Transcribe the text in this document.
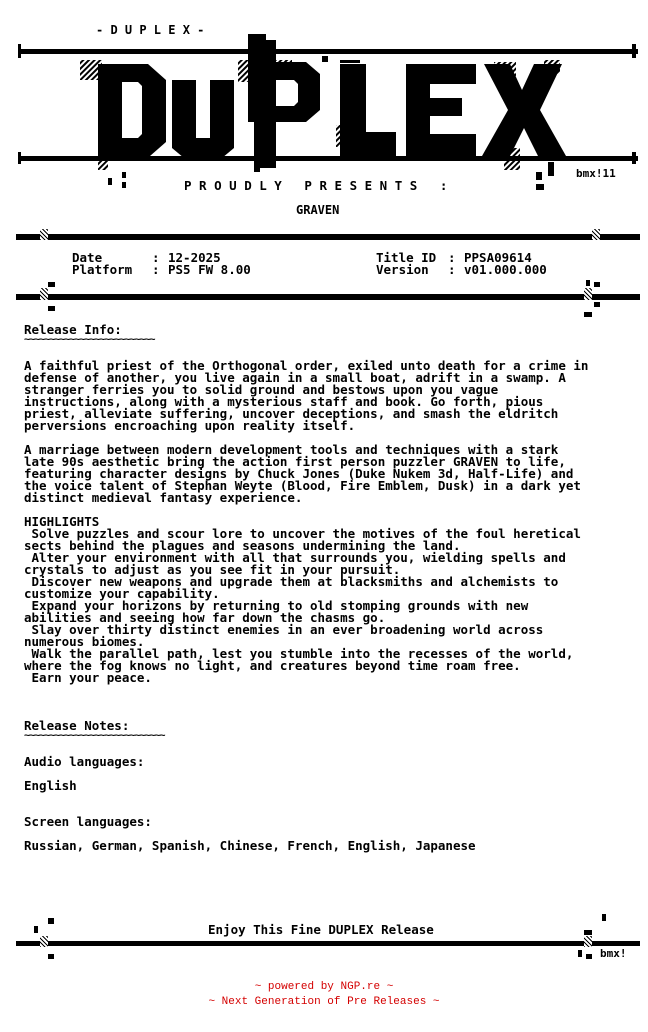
- D U P L E X -
bmx!11
P R O U D L Y   P R E S E N T S   :
GRAVEN
Date	: 12-2025
Platform : PS5 FW 8.00
Title ID : PPSA09614
Version : v01.000.000
Release Info:
~~~~~~~~~~~~~~~~~~~~~~~~~~
A faithful priest of the Orthogonal order, exiled unto death for a crime in
defense of another, you live again in a small boat, adrift in a swamp. A
stranger ferries you to solid ground and bestows upon you vague
instructions, along with a mysterious staff and book. Go forth, pious
priest, alleviate suffering, uncover deceptions, and smash the eldritch
perversions encroaching upon reality itself.
A marriage between modern development tools and techniques with a stark
late 90s aesthetic bring the action first person puzzler GRAVEN to life,
featuring character designs by Chuck Jones (Duke Nukem 3d, Half-Life) and
the voice talent of Stephan Weyte (Blood, Fire Emblem, Dusk) in a dark yet
distinct medieval fantasy experience.
HIGHLIGHTS
Solve puzzles and scour lore to uncover the motives of the foul heretical
sects behind the plagues and seasons undermining the land.
Alter your environment with all that surrounds you, wielding spells and
crystals to adjust as you see fit in your pursuit.
Discover new weapons and upgrade them at blacksmiths and alchemists to
customize your capability.
Expand your horizons by returning to old stomping grounds with new
abilities and seeing how far down the chasms go.
Slay over thirty distinct enemies in an ever broadening world across
numerous biomes.
Walk the parallel path, lest you stumble into the recesses of the world,
where the fog knows no light, and creatures beyond time roam free.
Earn your peace.
Release Notes:
~~~~~~~~~~~~~~~~~~~~~~~~~~~~
Audio languages:
English
Screen languages:
Russian, German, Spanish, Chinese, French, English, Japanese
Enjoy This Fine DUPLEX Release
bmx!
~ powered by NGP.re ~
~ Next Generation of Pre Releases ~
